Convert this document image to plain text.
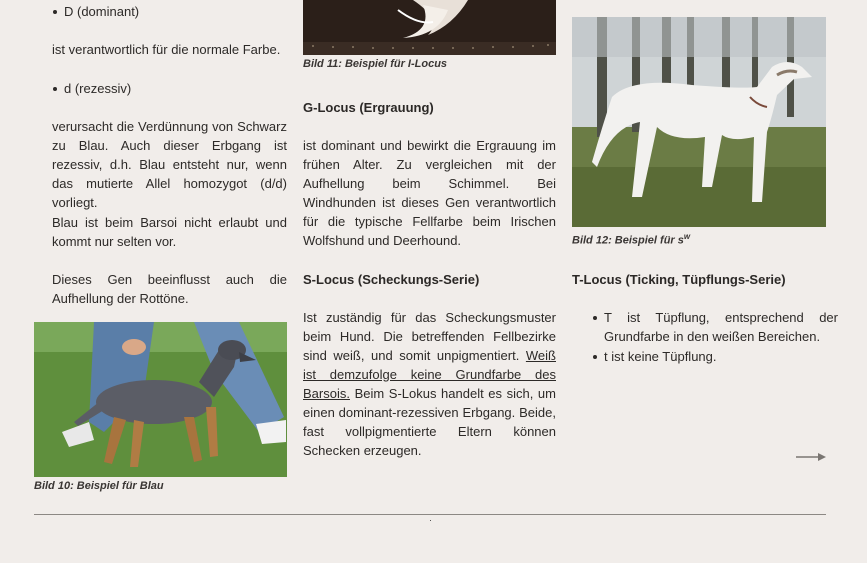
D (dominant)

ist verantwortlich für die normale Farbe.

d (rezessiv)

verursacht die Verdünnung von Schwarz zu Blau. Auch dieser Erbgang ist rezessiv, d.h. Blau entsteht nur, wenn das mutierte Allel homozygot (d/d) vorliegt.

Blau ist beim Barsoi nicht erlaubt und kommt nur selten vor.

Dieses Gen beeinflusst auch die Aufhellung der Rottöne.

Bild 10: Beispiel für Blau

Bild 11: Beispiel für I-Locus

G-Locus (Ergrauung)

ist dominant und bewirkt die Ergrauung im frühen Alter. Zu vergleichen mit der Aufhellung beim Schimmel. Bei Windhunden ist dieses Gen verantwortlich für die typische Fellfarbe beim Irischen Wolfshund und Deerhound.

S-Locus (Scheckungs-Serie)

Ist zuständig für das Scheckungsmuster beim Hund. Die betreffenden Fellbezirke sind weiß, und somit unpigmentiert. Weiß ist demzufolge keine Grundfarbe des Barsois. Beim S-Lokus handelt es sich, um einen dominant-rezessiven Erbgang. Beide, fast vollpigmentierte Eltern können Schecken erzeugen.

Bild 12: Beispiel für $s^w$

T-Locus (Ticking, Tüpflungs-Serie)

T ist Tüpflung, entsprechend der Grundfarbe in den weißen Bereichen.

t ist keine Tüpflung.
